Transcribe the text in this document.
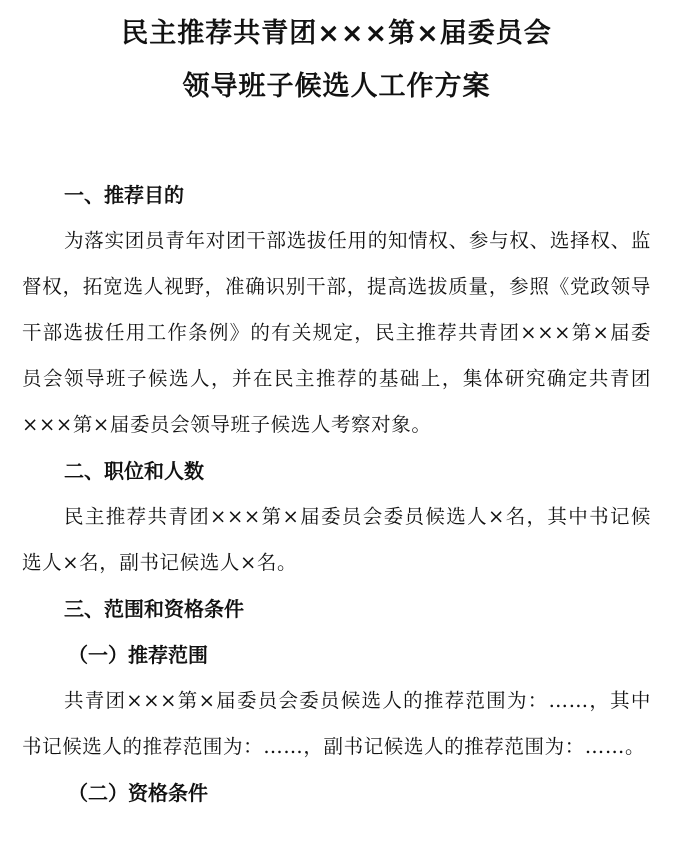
民主推荐共青团×××第×届委员会
领导班子候选人工作方案
一、推荐目的

为落实团员青年对团干部选拔任用的知情权、参与权、选择权、监督权，拓宽选人视野，准确识别干部，提高选拔质量，参照《党政领导干部选拔任用工作条例》的有关规定，民主推荐共青团×××第×届委员会领导班子候选人，并在民主推荐的基础上，集体研究确定共青团×××第×届委员会领导班子候选人考察对象。

二、职位和人数

民主推荐共青团×××第×届委员会委员候选人×名，其中书记候选人×名，副书记候选人×名。

三、范围和资格条件
（一）推荐范围

共青团×××第×届委员会委员候选人的推荐范围为：……，其中书记候选人的推荐范围为：……，副书记候选人的推荐范围为：……。

（二）资格条件
